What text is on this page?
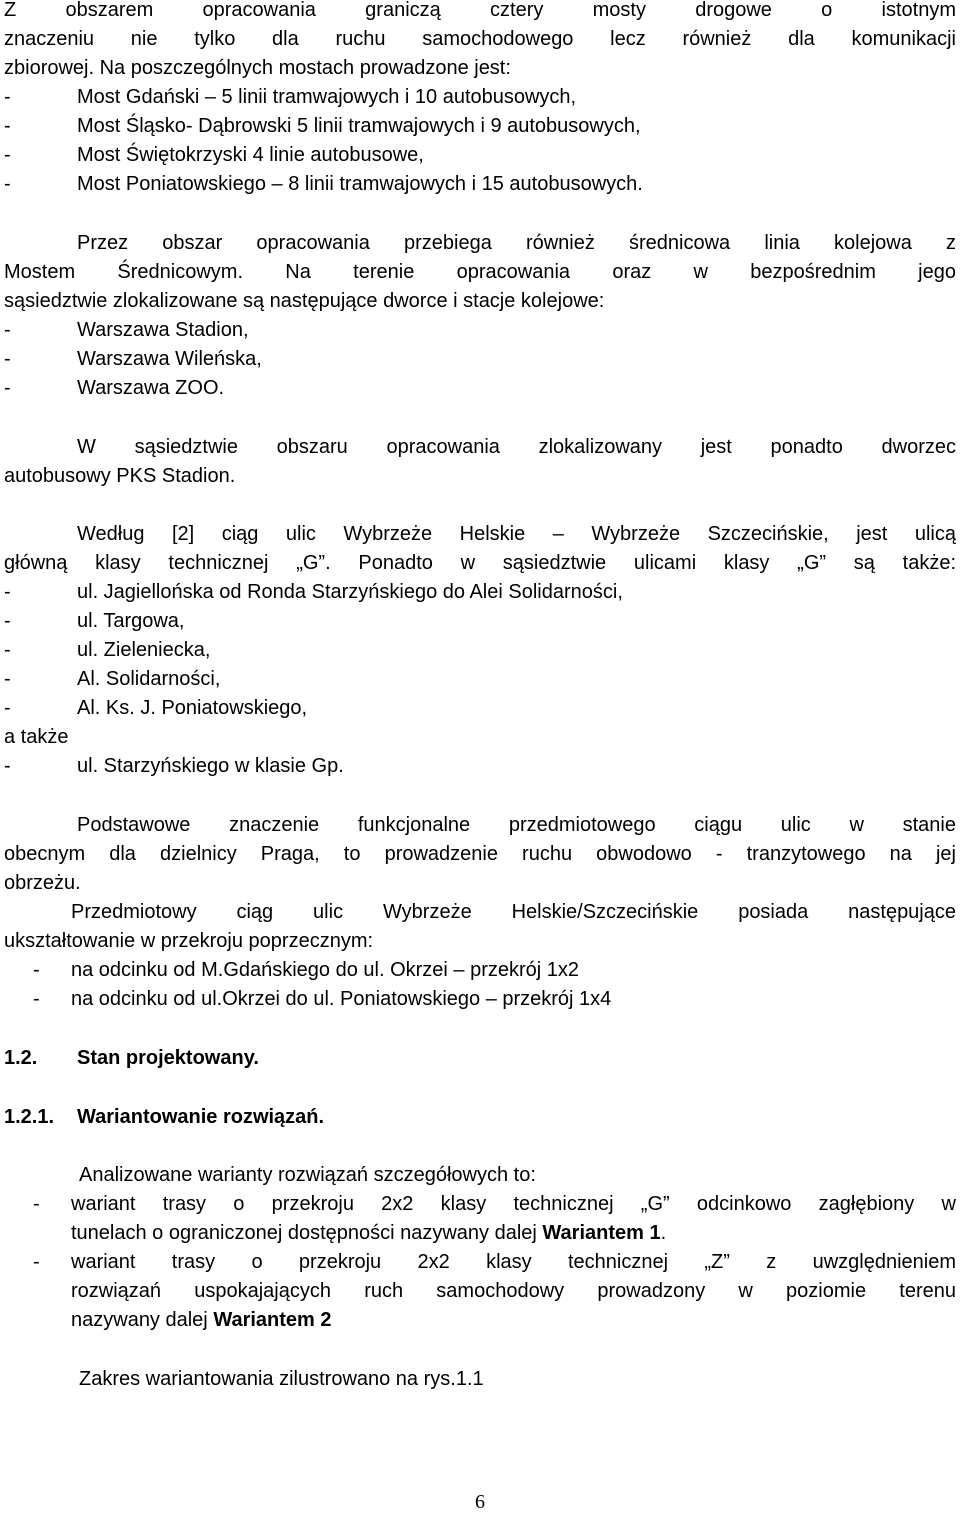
Z obszarem opracowania graniczą cztery mosty drogowe o istotnym
znaczeniu nie tylko dla ruchu samochodowego lecz również dla komunikacji
zbiorowej. Na poszczególnych mostach prowadzone jest:
-	Most Gdański – 5 linii tramwajowych i 10 autobusowych,
-	Most Śląsko- Dąbrowski 5 linii tramwajowych i 9 autobusowych,
-	Most Świętokrzyski 4 linie autobusowe,
-	Most Poniatowskiego – 8 linii tramwajowych i 15 autobusowych.
Przez obszar opracowania przebiega również średnicowa linia kolejowa z
Mostem Średnicowym. Na terenie opracowania oraz w bezpośrednim jego
sąsiedztwie zlokalizowane są następujące dworce i stacje kolejowe:
-	Warszawa Stadion,
-	Warszawa Wileńska,
-	Warszawa ZOO.
W sąsiedztwie obszaru opracowania zlokalizowany jest ponadto dworzec
autobusowy PKS Stadion.
Według [2] ciąg ulic Wybrzeże Helskie – Wybrzeże Szczecińskie, jest ulicą
główną klasy technicznej „G”. Ponadto w sąsiedztwie ulicami klasy „G” są także:
-	ul. Jagiellońska od Ronda Starzyńskiego do Alei Solidarności,
-	ul. Targowa,
-	ul. Zieleniecka,
-	Al. Solidarności,
-	Al. Ks. J. Poniatowskiego,
a także
-	ul. Starzyńskiego w klasie Gp.
Podstawowe znaczenie funkcjonalne przedmiotowego ciągu ulic w stanie
obecnym dla dzielnicy Praga, to prowadzenie ruchu obwodowo - tranzytowego na jej
obrzeżu.
Przedmiotowy ciąg ulic Wybrzeże Helskie/Szczecińskie posiada następujące
ukształtowanie w przekroju poprzecznym:
- na odcinku od M.Gdańskiego do ul. Okrzei – przekrój 1x2
- na odcinku od ul.Okrzei do ul. Poniatowskiego – przekrój 1x4
1.2. Stan projektowany.
1.2.1. Wariantowanie rozwiązań.
Analizowane warianty rozwiązań szczegółowych to:
- wariant trasy o przekroju 2x2 klasy technicznej „G” odcinkowo zagłębiony w
tunelach o ograniczonej dostępności nazywany dalej Wariantem 1.
- wariant trasy o przekroju 2x2 klasy technicznej „Z” z uwzględnieniem
rozwiązań uspokajających ruch samochodowy prowadzony w poziomie terenu
nazywany dalej Wariantem 2
Zakres wariantowania zilustrowano na rys.1.1
6
